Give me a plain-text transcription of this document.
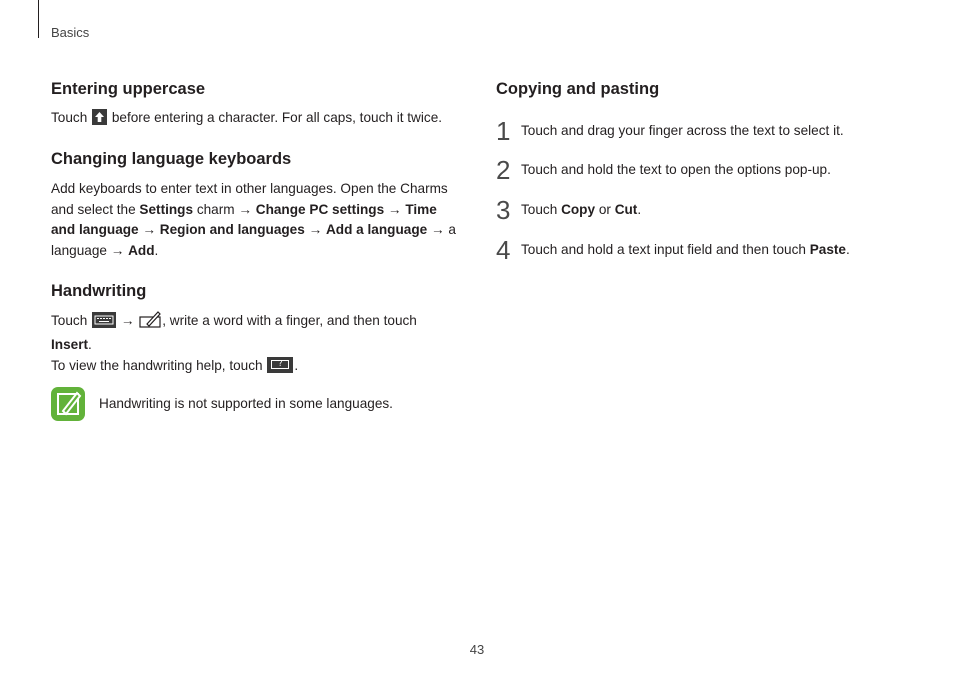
Basics
Entering uppercase

Touch  before entering a character. For all caps, touch it twice.

Changing language keyboards

Add keyboards to enter text in other languages. Open the Charms and select the Settings charm → Change PC settings → Time and language → Region and languages → Add a language → a language → Add.

Handwriting

Touch  → , write a word with a finger, and then touch Insert.

To view the handwriting help, touch	? .

Handwriting is not supported in some languages.

Copying and pasting
1 Touch and drag your finger across the text to select it.
2 Touch and hold the text to open the options pop-up.
3 Touch Copy or Cut.
4 Touch and hold a text input field and then touch Paste.
43
